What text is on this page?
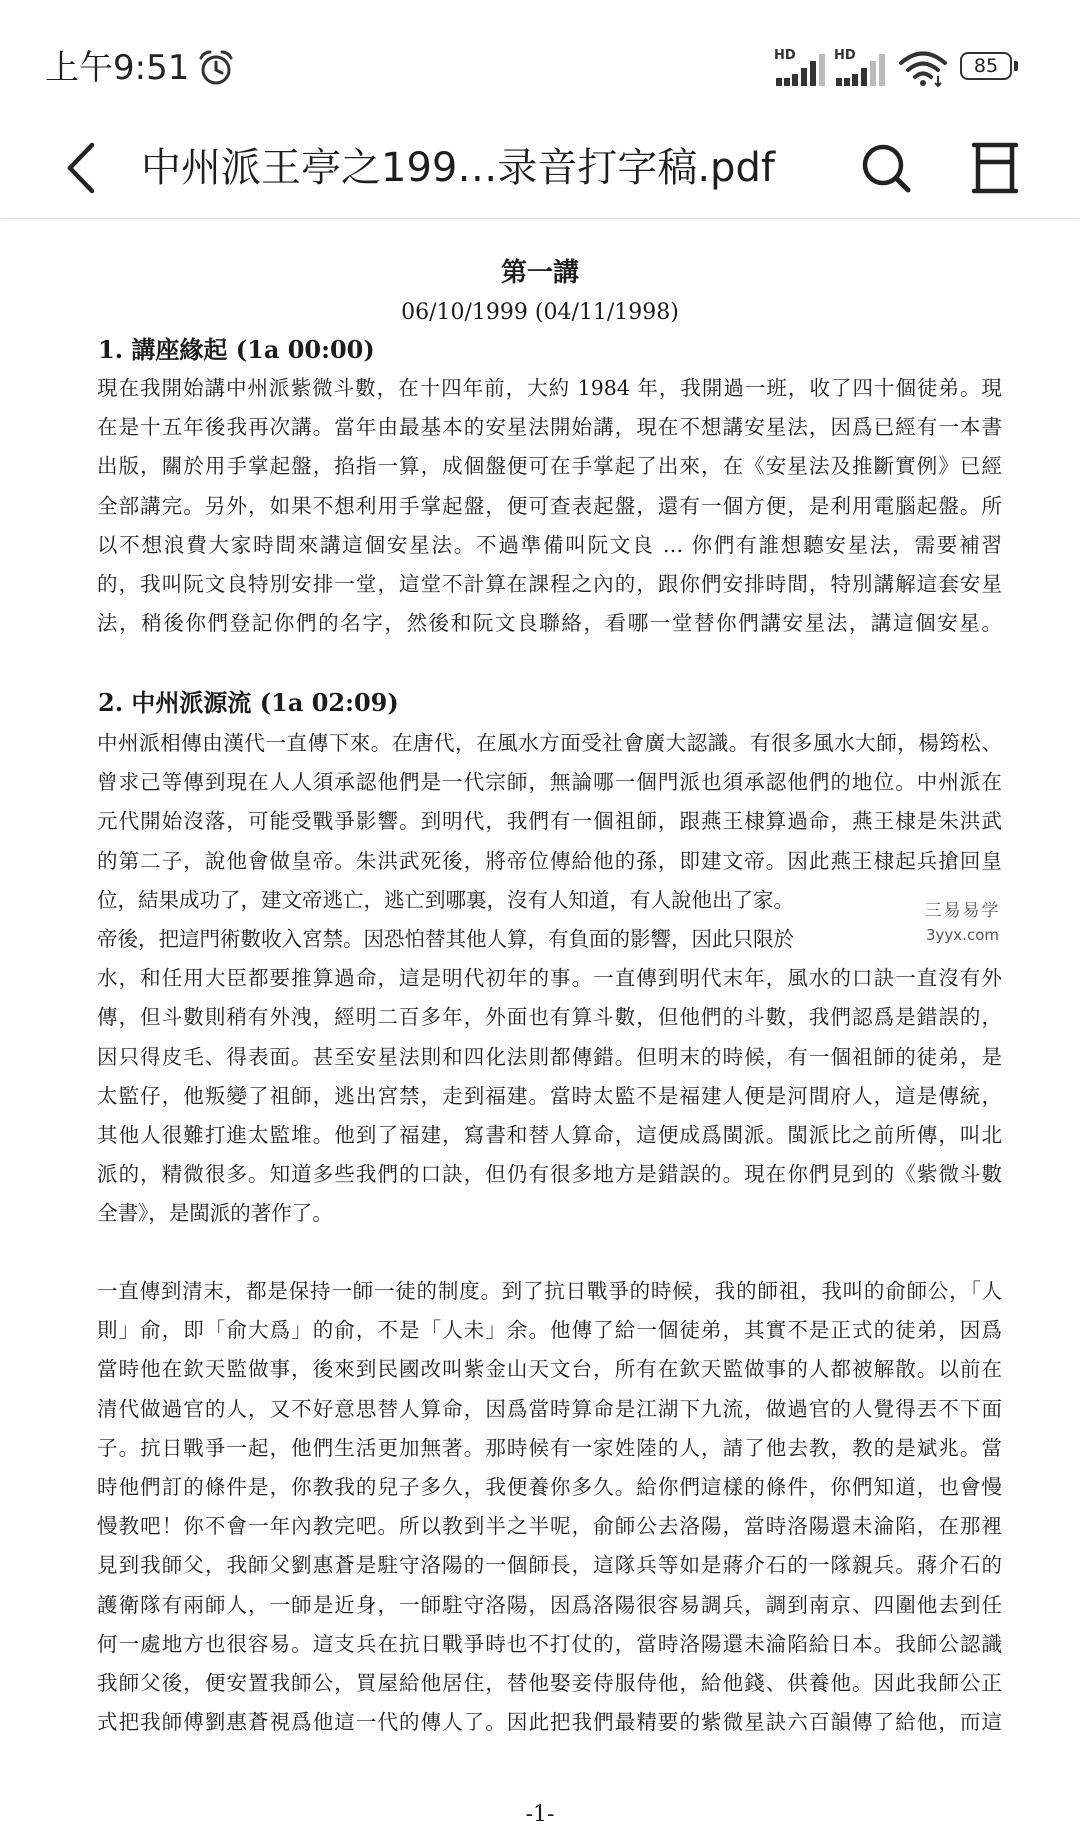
上午9:51	HD	HD	85
中州派王亭之199…录音打字稿.pdf
第一講
06/10/1999 (04/11/1998)
1. 講座緣起 (1a 00:00)
現在我開始講中州派紫微斗數，在十四年前，大約 1984 年，我開過一班，收了四十個徒弟。現
在是十五年後我再次講。當年由最基本的安星法開始講，現在不想講安星法，因爲已經有一本書
出版，關於用手掌起盤，掐指一算，成個盤便可在手掌起了出來，在《安星法及推斷實例》已經
全部講完。另外，如果不想利用手掌起盤，便可查表起盤，還有一個方便，是利用電腦起盤。所
以不想浪費大家時間來講這個安星法。不過準備叫阮文良 … 你們有誰想聽安星法，需要補習
的，我叫阮文良特別安排一堂，這堂不計算在課程之內的，跟你們安排時間，特別講解這套安星
法，稍後你們登記你們的名字，然後和阮文良聯絡，看哪一堂替你們講安星法，講這個安星。
2. 中州派源流 (1a 02:09)
中州派相傳由漢代一直傳下來。在唐代，在風水方面受社會廣大認識。有很多風水大師，楊筠松、
曾求己等傳到現在人人須承認他們是一代宗師，無論哪一個門派也須承認他們的地位。中州派在
元代開始沒落，可能受戰爭影響。到明代，我們有一個祖師，跟燕王棣算過命，燕王棣是朱洪武
的第二子，說他會做皇帝。朱洪武死後，將帝位傳給他的孫，即建文帝。因此燕王棣起兵搶回皇
位，結果成功了，建文帝逃亡，逃亡到哪裏，沒有人知道，有人說他出了家。
帝後，把這門術數收入宮禁。因恐怕替其他人算，有負面的影響，因此只限於
水，和任用大臣都要推算過命，這是明代初年的事。一直傳到明代末年，風水的口訣一直沒有外
傳，但斗數則稍有外洩，經明二百多年，外面也有算斗數，但他們的斗數，我們認爲是錯誤的，
因只得皮毛、得表面。甚至安星法則和四化法則都傳錯。但明末的時候，有一個祖師的徒弟，是
太監仔，他叛變了祖師，逃出宮禁，走到福建。當時太監不是福建人便是河間府人，這是傳統，
其他人很難打進太監堆。他到了福建，寫書和替人算命，這便成爲閩派。閩派比之前所傳，叫北
派的，精微很多。知道多些我們的口訣，但仍有很多地方是錯誤的。現在你們見到的《紫微斗數
全書》，是閩派的著作了。
一直傳到清末，都是保持一師一徒的制度。到了抗日戰爭的時候，我的師祖，我叫的俞師公，「人
則」俞，即「俞大爲」的俞，不是「人未」余。他傳了給一個徒弟，其實不是正式的徒弟，因爲
當時他在欽天監做事，後來到民國改叫紫金山天文台，所有在欽天監做事的人都被解散。以前在
清代做過官的人，又不好意思替人算命，因爲當時算命是江湖下九流，做過官的人覺得丟不下面
子。抗日戰爭一起，他們生活更加無著。那時候有一家姓陸的人，請了他去教，教的是斌兆。當
時他們訂的條件是，你教我的兒子多久，我便養你多久。給你們這樣的條件，你們知道，也會慢
慢教吧！你不會一年內教完吧。所以教到半之半呢，俞師公去洛陽，當時洛陽還未淪陷，在那裡
見到我師父，我師父劉惠蒼是駐守洛陽的一個師長，這隊兵等如是蔣介石的一隊親兵。蔣介石的
護衛隊有兩師人，一師是近身，一師駐守洛陽，因爲洛陽很容易調兵，調到南京、四圍他去到任
何一處地方也很容易。這支兵在抗日戰爭時也不打仗的，當時洛陽還未淪陷給日本。我師公認識
我師父後，便安置我師公，買屋給他居住，替他娶妾侍服侍他，給他錢、供養他。因此我師公正
式把我師傅劉惠蒼視爲他這一代的傳人了。因此把我們最精要的紫微星訣六百韻傳了給他，而這
-1-
三易易学
3yyx.com
